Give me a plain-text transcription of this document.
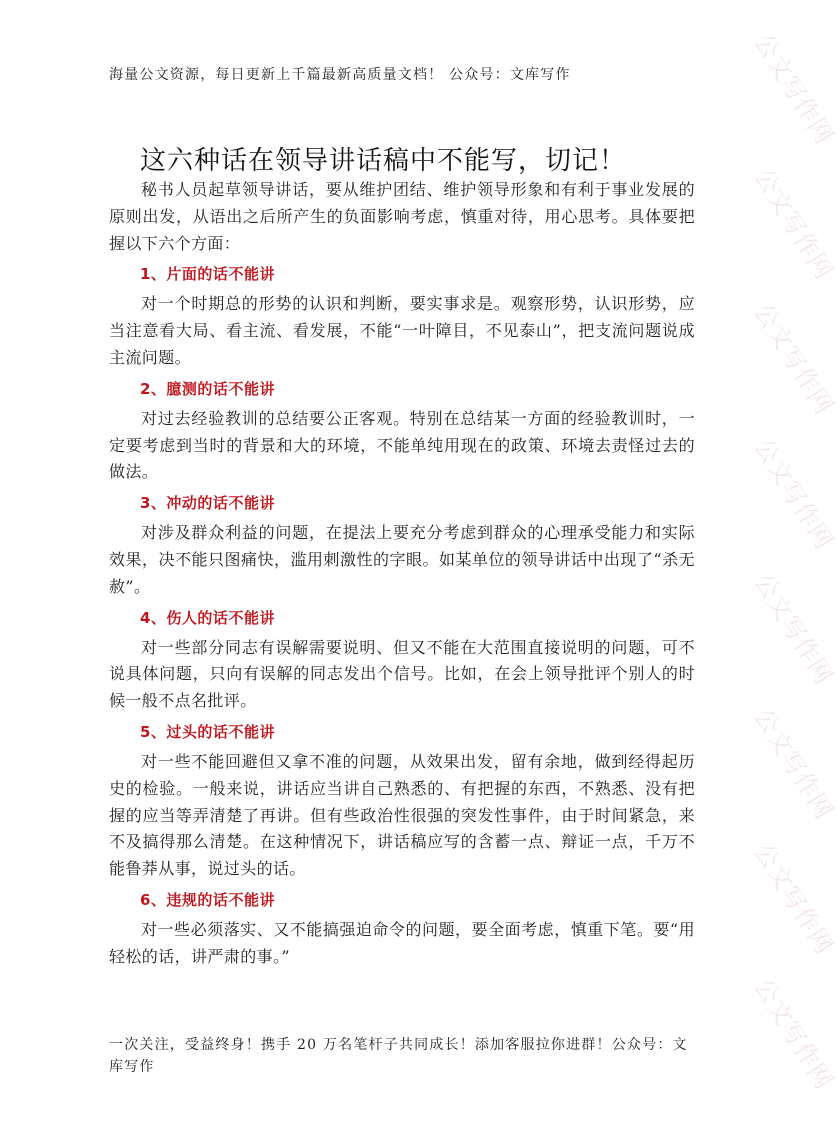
公文写作网
公文写作网
公文写作网
公文写作网
公文写作网
公文写作网
公文写作网
公文写作网
海量公文资源，每日更新上千篇最新高质量文档！ 公众号：文库写作
这六种话在领导讲话稿中不能写，切记！

秘书人员起草领导讲话，要从维护团结、维护领导形象和有利于事业发展的原则出发，从语出之后所产生的负面影响考虑，慎重对待，用心思考。具体要把握以下六个方面：

1、片面的话不能讲

对一个时期总的形势的认识和判断，要实事求是。观察形势，认识形势，应当注意看大局、看主流、看发展，不能“一叶障目，不见泰山”，把支流问题说成主流问题。

2、臆测的话不能讲

对过去经验教训的总结要公正客观。特别在总结某一方面的经验教训时，一定要考虑到当时的背景和大的环境，不能单纯用现在的政策、环境去责怪过去的做法。

3、冲动的话不能讲

对涉及群众利益的问题，在提法上要充分考虑到群众的心理承受能力和实际效果，决不能只图痛快，滥用刺激性的字眼。如某单位的领导讲话中出现了“杀无赦”。

4、伤人的话不能讲

对一些部分同志有误解需要说明、但又不能在大范围直接说明的问题，可不说具体问题，只向有误解的同志发出个信号。比如，在会上领导批评个别人的时候一般不点名批评。

5、过头的话不能讲

对一些不能回避但又拿不准的问题，从效果出发，留有余地，做到经得起历史的检验。一般来说，讲话应当讲自己熟悉的、有把握的东西，不熟悉、没有把握的应当等弄清楚了再讲。但有些政治性很强的突发性事件，由于时间紧急，来不及搞得那么清楚。在这种情况下，讲话稿应写的含蓄一点、辩证一点，千万不能鲁莽从事，说过头的话。

6、违规的话不能讲

对一些必须落实、又不能搞强迫命令的问题，要全面考虑，慎重下笔。要“用轻松的话，讲严肃的事。”

一次关注，受益终身！携手 20 万名笔杆子共同成长！添加客服拉你进群！公众号：文库写作
